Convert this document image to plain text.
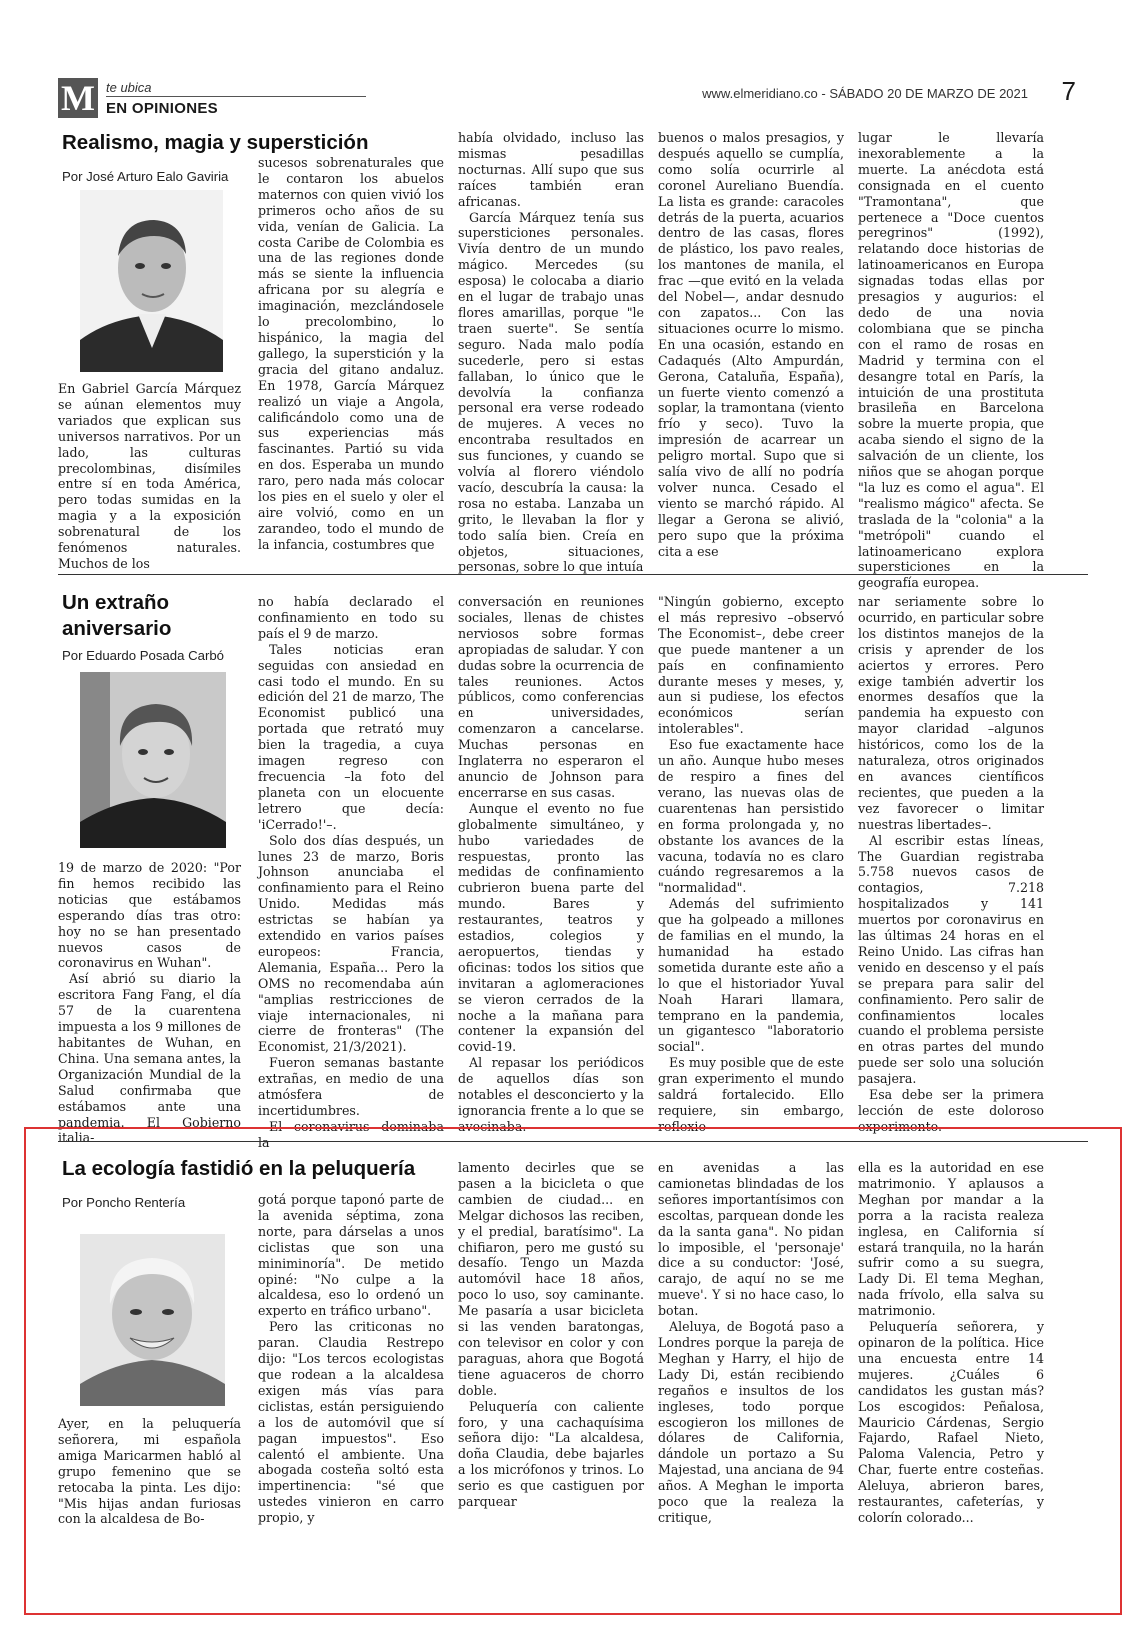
M te ubica
EN OPINIONES
www.elmeridiano.co - SÁBADO 20 DE MARZO DE 2021 7
Realismo, magia y superstición
Por José Arturo Ealo Gaviria

En Gabriel García Márquez se aúnan elementos muy variados que explican sus universos narrativos. Por un lado, las culturas precolombinas, disímiles entre sí en toda América, pero todas sumidas en la magia y a la exposición sobrenatural de los fenómenos naturales. Muchos de los

sucesos sobrenaturales que le contaron los abuelos maternos con quien vivió los primeros ocho años de su vida, venían de Galicia. La costa Caribe de Colombia es una de las regiones donde más se siente la influencia africana por su alegría e imaginación, mezclándosele lo precolombino, lo hispánico, la magia del gallego, la superstición y la gracia del gitano andaluz. En 1978, García Márquez realizó un viaje a Angola, calificándolo como una de sus experiencias más fascinantes. Partió su vida en dos. Esperaba un mundo raro, pero nada más colocar los pies en el suelo y oler el aire volvió, como en un zarandeo, todo el mundo de la infancia, costumbres que

había olvidado, incluso las mismas pesadillas nocturnas. Allí supo que sus raíces también eran africanas.

García Márquez tenía sus supersticiones personales. Vivía dentro de un mundo mágico. Mercedes (su esposa) le colocaba a diario en el lugar de trabajo unas flores amarillas, porque "le traen suerte". Se sentía seguro. Nada malo podía sucederle, pero si estas fallaban, lo único que le devolvía la confianza personal era verse rodeado de mujeres. A veces no encontraba resultados en sus funciones, y cuando se volvía al florero viéndolo vacío, descubría la causa: la rosa no estaba. Lanzaba un grito, le llevaban la flor y todo salía bien. Creía en objetos, situaciones, personas, sobre lo que intuía

buenos o malos presagios, y después aquello se cumplía, como solía ocurrirle al coronel Aureliano Buendía. La lista es grande: caracoles detrás de la puerta, acuarios dentro de las casas, flores de plástico, los pavo reales, los mantones de manila, el frac —que evitó en la velada del Nobel—, andar desnudo con zapatos... Con las situaciones ocurre lo mismo. En una ocasión, estando en Cadaqués (Alto Ampurdán, Gerona, Cataluña, España), un fuerte viento comenzó a soplar, la tramontana (viento frío y seco). Tuvo la impresión de acarrear un peligro mortal. Supo que si salía vivo de allí no podría volver nunca. Cesado el viento se marchó rápido. Al llegar a Gerona se alivió, pero supo que la próxima cita a ese

lugar le llevaría inexorablemente a la muerte. La anécdota está consignada en el cuento "Tramontana", que pertenece a "Doce cuentos peregrinos" (1992), relatando doce historias de latinoamericanos en Europa signadas todas ellas por presagios y augurios: el dedo de una novia colombiana que se pincha con el ramo de rosas en Madrid y termina con el desangre total en París, la intuición de una prostituta brasileña en Barcelona sobre la muerte propia, que acaba siendo el signo de la salvación de un cliente, los niños que se ahogan porque "la luz es como el agua". El "realismo mágico" afecta. Se traslada de la "colonia" a la "metrópoli" cuando el latinoamericano explora supersticiones en la geografía europea.

Un extraño aniversario
Por Eduardo Posada Carbó

19 de marzo de 2020: "Por fin hemos recibido las noticias que estábamos esperando días tras otro: hoy no se han presentado nuevos casos de coronavirus en Wuhan".

Así abrió su diario la escritora Fang Fang, el día 57 de la cuarentena impuesta a los 9 millones de habitantes de Wuhan, en China. Una semana antes, la Organización Mundial de la Salud confirmaba que estábamos ante una pandemia. El Gobierno italia-

no había declarado el confinamiento en todo su país el 9 de marzo.

Tales noticias eran seguidas con ansiedad en casi todo el mundo. En su edición del 21 de marzo, The Economist publicó una portada que retrató muy bien la tragedia, a cuya imagen regreso con frecuencia –la foto del planeta con un elocuente letrero que decía: 'iCerrado!'–.

Solo dos días después, un lunes 23 de marzo, Boris Johnson anunciaba el confinamiento para el Reino Unido. Medidas más estrictas se habían ya extendido en varios países europeos: Francia, Alemania, España... Pero la OMS no recomendaba aún "amplias restricciones de viaje internacionales, ni cierre de fronteras" (The Economist, 21/3/2021).

Fueron semanas bastante extrañas, en medio de una atmósfera de incertidumbres.

El coronavirus dominaba la

conversación en reuniones sociales, llenas de chistes nerviosos sobre formas apropiadas de saludar. Y con dudas sobre la ocurrencia de tales reuniones. Actos públicos, como conferencias en universidades, comenzaron a cancelarse. Muchas personas en Inglaterra no esperaron el anuncio de Johnson para encerrarse en sus casas.

Aunque el evento no fue globalmente simultáneo, y hubo variedades de respuestas, pronto las medidas de confinamiento cubrieron buena parte del mundo. Bares y restaurantes, teatros y estadios, colegios y aeropuertos, tiendas y oficinas: todos los sitios que invitaran a aglomeraciones se vieron cerrados de la noche a la mañana para contener la expansión del covid-19.

Al repasar los periódicos de aquellos días son notables el desconcierto y la ignorancia frente a lo que se avecinaba.

"Ningún gobierno, excepto el más represivo –observó The Economist–, debe creer que puede mantener a un país en confinamiento durante meses y meses, y, aun si pudiese, los efectos económicos serían intolerables".

Eso fue exactamente hace un año. Aunque hubo meses de respiro a fines del verano, las nuevas olas de cuarentenas han persistido en forma prolongada y, no obstante los avances de la vacuna, todavía no es claro cuándo regresaremos a la "normalidad".

Además del sufrimiento que ha golpeado a millones de familias en el mundo, la humanidad ha estado sometida durante este año a lo que el historiador Yuval Noah Harari llamara, temprano en la pandemia, un gigantesco "laboratorio social".

Es muy posible que de este gran experimento el mundo saldrá fortalecido. Ello requiere, sin embargo, reflexio-

nar seriamente sobre lo ocurrido, en particular sobre los distintos manejos de la crisis y aprender de los aciertos y errores. Pero exige también advertir los enormes desafíos que la pandemia ha expuesto con mayor claridad –algunos históricos, como los de la naturaleza, otros originados en avances científicos recientes, que pueden a la vez favorecer o limitar nuestras libertades–.

Al escribir estas líneas, The Guardian registraba 5.758 nuevos casos de contagios, 7.218 hospitalizados y 141 muertos por coronavirus en las últimas 24 horas en el Reino Unido. Las cifras han venido en descenso y el país se prepara para salir del confinamiento. Pero salir de confinamientos locales cuando el problema persiste en otras partes del mundo puede ser solo una solución pasajera.

Esa debe ser la primera lección de este doloroso experimento.

La ecología fastidió en la peluquería
Por Poncho Rentería

Ayer, en la peluquería señorera, mi española amiga Maricarmen habló al grupo femenino que se retocaba la pinta. Les dijo: "Mis hijas andan furiosas con la alcaldesa de Bo-

gotá porque taponó parte de la avenida séptima, zona norte, para dárselas a unos ciclistas que son una miniminoría". De metido opiné: "No culpe a la alcaldesa, eso lo ordenó un experto en tráfico urbano".

Pero las criticonas no paran. Claudia Restrepo dijo: "Los tercos ecologistas que rodean a la alcaldesa exigen más vías para ciclistas, están persiguiendo a los de automóvil que sí pagan impuestos". Eso calentó el ambiente. Una abogada costeña soltó esta impertinencia: "sé que ustedes vinieron en carro propio, y

lamento decirles que se pasen a la bicicleta o que cambien de ciudad... en Melgar dichosos las reciben, y el predial, baratísimo". La chifiaron, pero me gustó su desafío. Tengo un Mazda automóvil hace 18 años, poco lo uso, soy caminante. Me pasaría a usar bicicleta si las venden baratongas, con televisor en color y con paraguas, ahora que Bogotá tiene aguaceros de chorro doble.

Peluquería con caliente foro, y una cachaquísima señora dijo: "La alcaldesa, doña Claudia, debe bajarles a los micrófonos y trinos. Lo serio es que castiguen por parquear

en avenidas a las camionetas blindadas de los señores importantísimos con escoltas, parquean donde les da la santa gana". No pidan lo imposible, el 'personaje' dice a su conductor: 'José, carajo, de aquí no se me mueve'. Y si no hace caso, lo botan.

Aleluya, de Bogotá paso a Londres porque la pareja de Meghan y Harry, el hijo de Lady Di, están recibiendo regaños e insultos de los ingleses, todo porque escogieron los millones de dólares de California, dándole un portazo a Su Majestad, una anciana de 94 años. A Meghan le importa poco que la realeza la critique,

ella es la autoridad en ese matrimonio. Y aplausos a Meghan por mandar a la porra a la racista realeza inglesa, en California sí estará tranquila, no la harán sufrir como a su suegra, Lady Di. El tema Meghan, nada frívolo, ella salva su matrimonio.

Peluquería señorera, y opinaron de la política. Hice una encuesta entre 14 mujeres. ¿Cuáles 6 candidatos les gustan más? Los escogidos: Peñalosa, Mauricio Cárdenas, Sergio Fajardo, Rafael Nieto, Paloma Valencia, Petro y Char, fuerte entre costeñas. Aleluya, abrieron bares, restaurantes, cafeterías, y colorín colorado...
